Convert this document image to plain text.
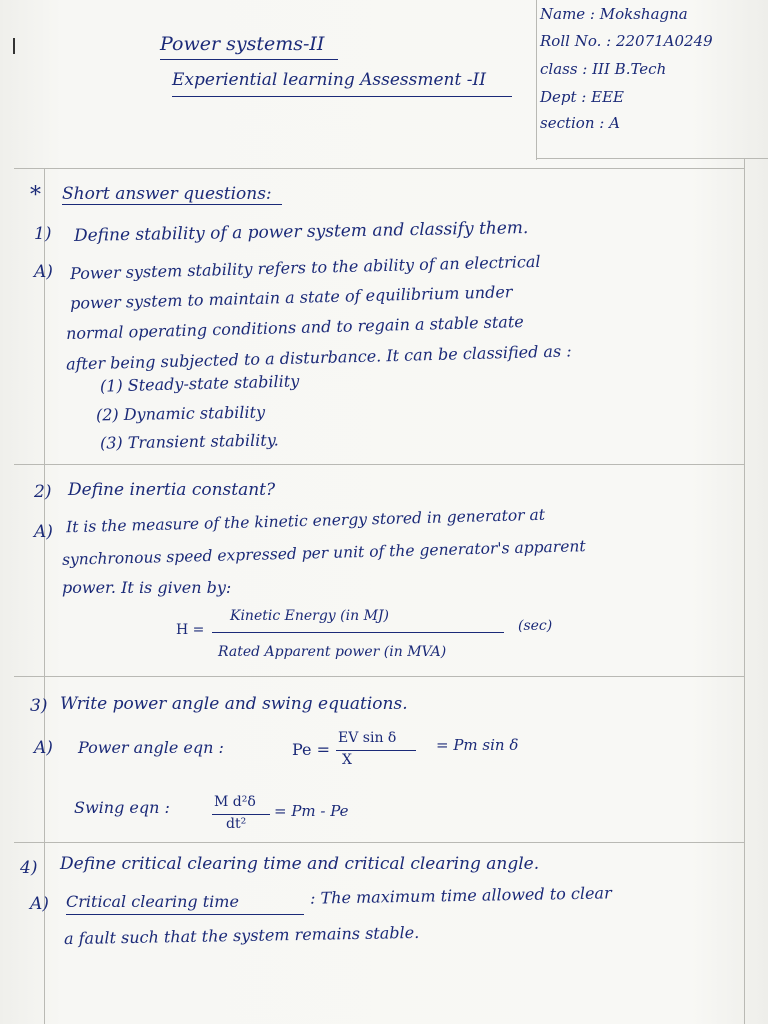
Power systems-II
Experiential learning Assessment -II
Name : Mokshagna
Roll No. : 22071A0249
class : III B.Tech
Dept : EEE
section : A
* Short answer questions:
1) Define stability of a power system and classify them.
A) Power system stability refers to the ability of an electrical
power system to maintain a state of equilibrium under
normal operating conditions and to regain a stable state
after being subjected to a disturbance. It can be classified as :
(1) Steady-state stability
(2) Dynamic stability
(3) Transient stability.
2) Define inertia constant?
A) It is the measure of the kinetic energy stored in generator at
synchronous speed expressed per unit of the generator's apparent
power. It is given by:
H =
Kinetic Energy (in MJ)
Rated Apparent power (in MVA)
(sec)
3) Write power angle and swing equations.
A) Power angle eqn :	Pe =
EV sin δ
X
= Pm sin δ
Swing eqn :	M d²δ
dt²
= Pm - Pe
4) Define critical clearing time and critical clearing angle.
A) Critical clearing time	: The maximum time allowed to clear
a fault such that the system remains stable.
